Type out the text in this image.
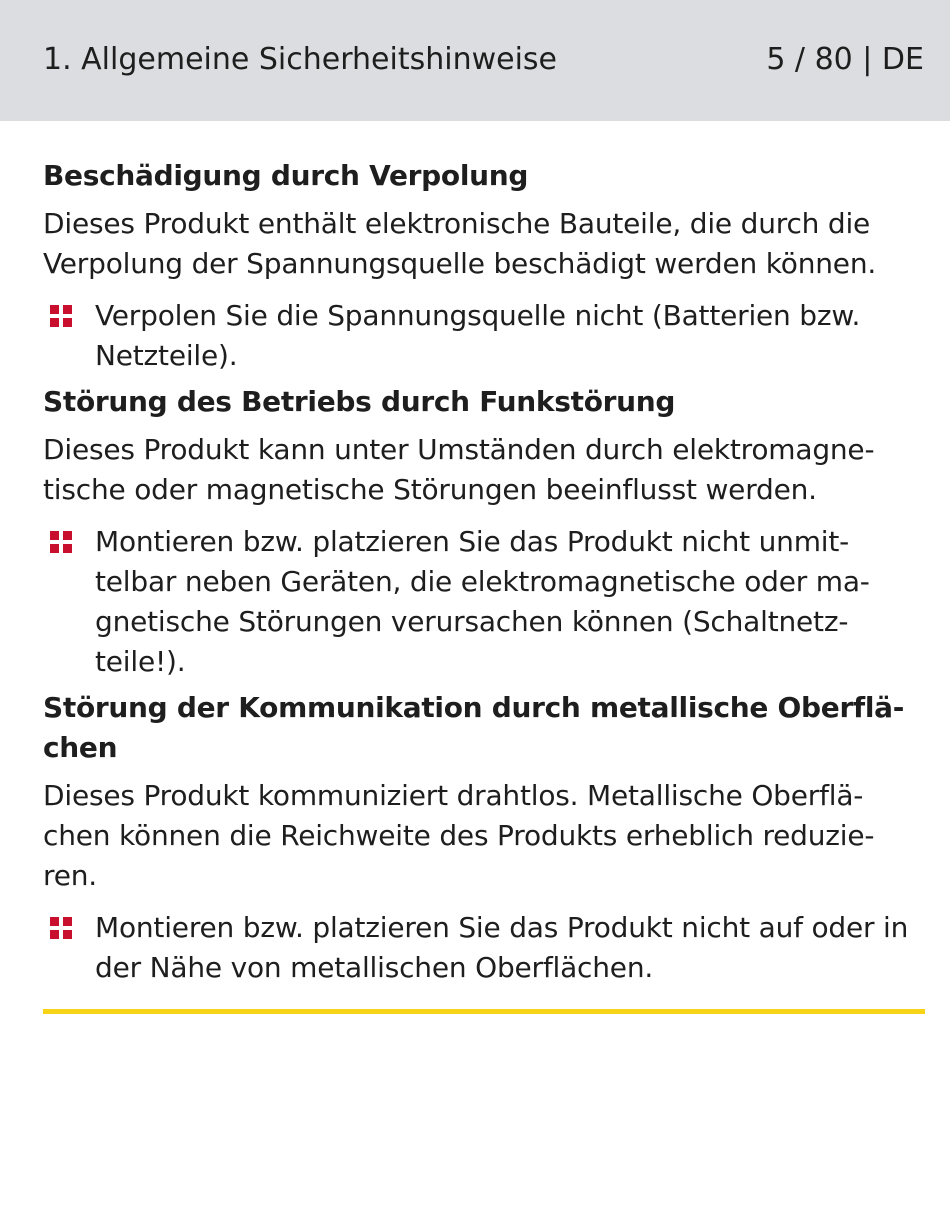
1. Allgemeine Sicherheitshinweise	5 / 80 | DE
Beschädigung durch Verpolung

Dieses Produkt enthält elektronische Bauteile, die durch die Verpolung der Spannungsquelle beschädigt werden können.

Verpolen Sie die Spannungsquelle nicht (Batterien bzw. Netzteile).
Störung des Betriebs durch Funkstörung

Dieses Produkt kann unter Umständen durch elektromagne-tische oder magnetische Störungen beeinflusst werden.

Montieren bzw. platzieren Sie das Produkt nicht unmit-telbar neben Geräten, die elektromagnetische oder ma-gnetische Störungen verursachen können (Schaltnetz-teile!).
Störung der Kommunikation durch metallische Oberflä-chen

Dieses Produkt kommuniziert drahtlos. Metallische Oberflä-chen können die Reichweite des Produkts erheblich reduzie-ren.

Montieren bzw. platzieren Sie das Produkt nicht auf oder in der Nähe von metallischen Oberflächen.
